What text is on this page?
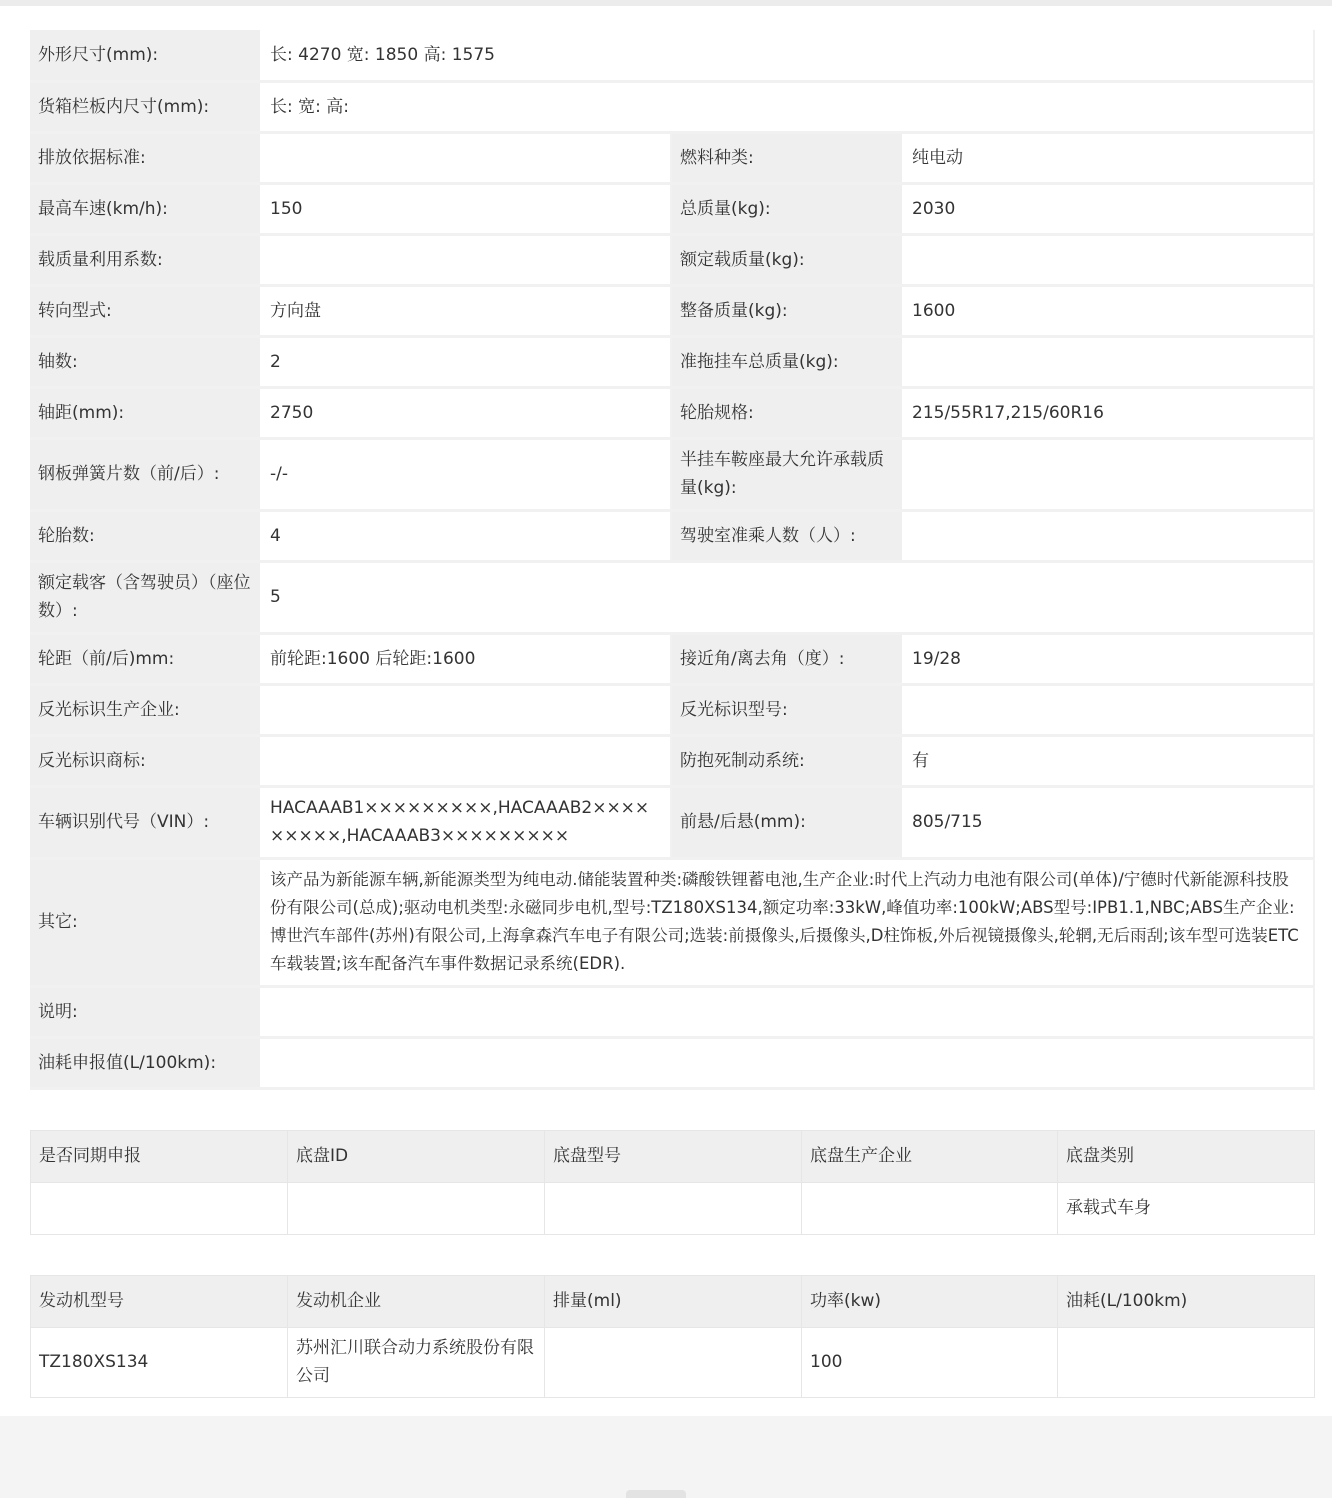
外形尺寸(mm):	长: 4270 宽: 1850 高: 1575		
货箱栏板内尺寸(mm):	长: 宽: 高:		
排放依据标准:		燃料种类:	纯电动
最高车速(km/h):	150	总质量(kg):	2030
载质量利用系数:		额定载质量(kg):	
转向型式:	方向盘	整备质量(kg):	1600
轴数:	2	准拖挂车总质量(kg):	
轴距(mm):	2750	轮胎规格:	215/55R17,215/60R16
钢板弹簧片数（前/后）:	-/-	半挂车鞍座最大允许承载质量(kg):	
轮胎数:	4	驾驶室准乘人数（人）:	
额定载客（含驾驶员）（座位数）:	5		
轮距（前/后)mm:	前轮距:1600 后轮距:1600	接近角/离去角（度）:	19/28
反光标识生产企业:		反光标识型号:	
反光标识商标:		防抱死制动系统:	有
车辆识别代号（VIN）:	HACAAAB1×××××××××,HACAAAB2×××××××××,HACAAAB3×××××××××	前悬/后悬(mm):	805/715
其它:	该产品为新能源车辆,新能源类型为纯电动.储能装置种类:磷酸铁锂蓄电池,生产企业:时代上汽动力电池有限公司(单体)/宁德时代新能源科技股份有限公司(总成);驱动电机类型:永磁同步电机,型号:TZ180XS134,额定功率:33kW,峰值功率:100kW;ABS型号:IPB1.1,NBC;ABS生产企业:博世汽车部件(苏州)有限公司,上海拿森汽车电子有限公司;选装:前摄像头,后摄像头,D柱饰板,外后视镜摄像头,轮辋,无后雨刮;该车型可选装ETC车载装置;该车配备汽车事件数据记录系统(EDR).		
说明:			
油耗申报值(L/100km):			
是否同期申报	底盘ID	底盘型号	底盘生产企业	底盘类别
				承载式车身
发动机型号	发动机企业	排量(ml)	功率(kw)	油耗(L/100km)
TZ180XS134	苏州汇川联合动力系统股份有限公司		100	
